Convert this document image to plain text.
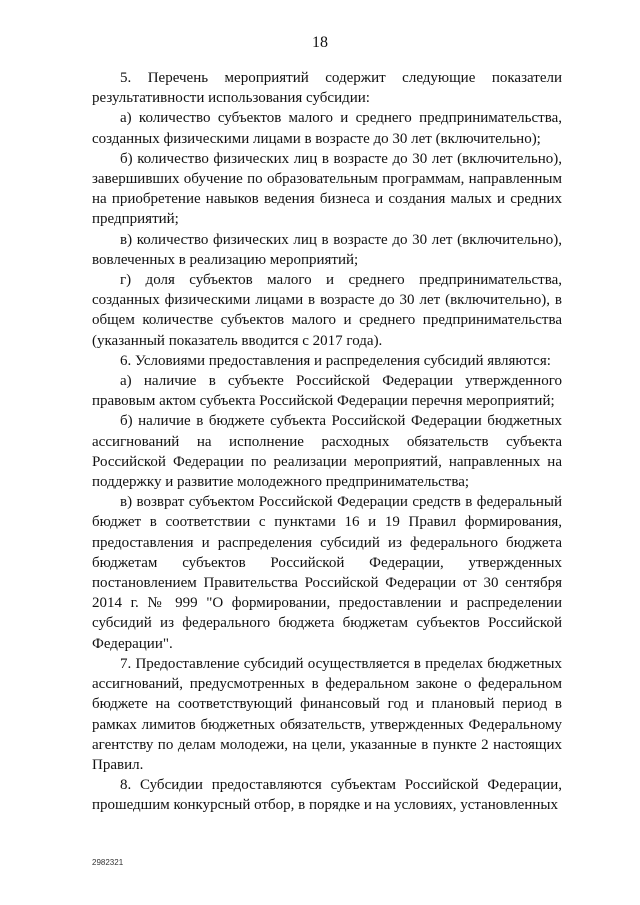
18

5. Перечень мероприятий содержит следующие показатели результативности использования субсидии:

а) количество субъектов малого и среднего предпринимательства, созданных физическими лицами в возрасте до 30 лет (включительно);

б) количество физических лиц в возрасте до 30 лет (включительно), завершивших обучение по образовательным программам, направленным на приобретение навыков ведения бизнеса и создания малых и средних предприятий;

в) количество физических лиц в возрасте до 30 лет (включительно), вовлеченных в реализацию мероприятий;

г) доля субъектов малого и среднего предпринимательства, созданных физическими лицами в возрасте до 30 лет (включительно), в общем количестве субъектов малого и среднего предпринимательства (указанный показатель вводится с 2017 года).

6. Условиями предоставления и распределения субсидий являются:

а) наличие в субъекте Российской Федерации утвержденного правовым актом субъекта Российской Федерации перечня мероприятий;

б) наличие в бюджете субъекта Российской Федерации бюджетных ассигнований на исполнение расходных обязательств субъекта Российской Федерации по реализации мероприятий, направленных на поддержку и развитие молодежного предпринимательства;

в) возврат субъектом Российской Федерации средств в федеральный бюджет в соответствии с пунктами 16 и 19 Правил формирования, предоставления и распределения субсидий из федерального бюджета бюджетам субъектов Российской Федерации, утвержденных постановлением Правительства Российской Федерации от 30 сентября 2014 г. № 999 "О формировании, предоставлении и распределении субсидий из федерального бюджета бюджетам субъектов Российской Федерации".

7. Предоставление субсидий осуществляется в пределах бюджетных ассигнований, предусмотренных в федеральном законе о федеральном бюджете на соответствующий финансовый год и плановый период в рамках лимитов бюджетных обязательств, утвержденных Федеральному агентству по делам молодежи, на цели, указанные в пункте 2 настоящих Правил.

8. Субсидии предоставляются субъектам Российской Федерации, прошедшим конкурсный отбор, в порядке и на условиях, установленных

2982321
